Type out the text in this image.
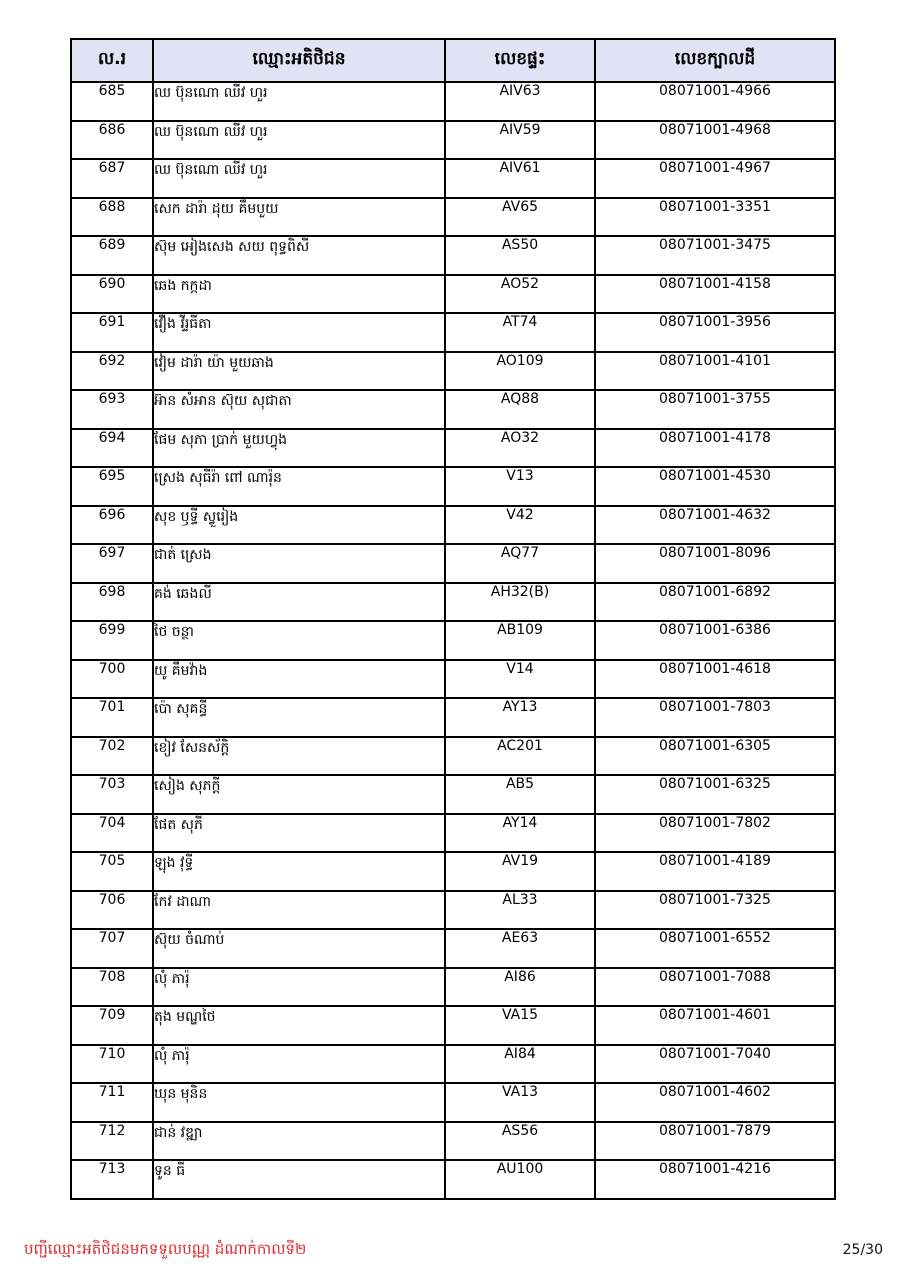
ល.រ	ឈ្មោះអតិថិជន	លេខផ្ទះ	លេខក្បាលដី
685	ឈ ប៊ុនណោ ឈីវ ហួរ	AIV63	08071001-4966
686	ឈ ប៊ុនណោ ឈីវ ហួរ	AIV59	08071001-4968
687	ឈ ប៊ុនណោ ឈីវ ហួរ	AIV61	08071001-4967
688	សេក ដារ៉ា ដុយ គឹមបួយ	AV65	08071001-3351
689	ស៊ុម អៀងសេង សយ ពុទ្ធពិសី	AS50	08071001-3475
690	ឆេង កក្កដា	AO52	08071001-4158
691	វឿង វីរ្ទធីតា	AT74	08071001-3956
692	វៀម ដារ៉ា យ៉ា មួយឆាង	AO109	08071001-4101
693	អ៊ាន សំអាន ស៊ុយ សុជាតា	AQ88	08071001-3755
694	ផែម សុភា ប្រាក់ មួយហ្វុង	AO32	08071001-4178
695	ស្រេង សុធីរ៉ា ពៅ ណារ៉ុន	V13	08071001-4530
696	សុខ ឫទ្ធី ស្វួរៀង	V42	08071001-4632
697	ជាត់ ស្រេង	AQ77	08071001-8096
698	គង់ ឆេងលី	AH32(B)	08071001-6892
699	ថៃ ចន្ថា	AB109	08071001-6386
700	យូ គឹមវ៉ាង	V14	08071001-4618
701	ប៉ោ សុគន្ធី	AY13	08071001-7803
702	ខៀវ សែនស័ក្តិ	AC201	08071001-6305
703	សៀង សុភក្តី	AB5	08071001-6325
704	ផែត សុភី	AY14	08071001-7802
705	ឡុង វុទ្ធី	AV19	08071001-4189
706	កែវ ដាណា	AL33	08071001-7325
707	ស៊ុយ ចំណាប់	AE63	08071001-6552
708	លុំ ភារ៉ុ	AI86	08071001-7088
709	តុង មណ្ឌថៃ	VA15	08071001-4601
710	លុំ ភារ៉ុ	AI84	08071001-7040
711	ឃុន មុនិន	VA13	08071001-4602
712	ជាន់ វឌ្ឍា	AS56	08071001-7879
713	ទូន ធី	AU100	08071001-4216
បញ្ជីឈ្មោះអតិថិជនមកទទួលបណ្ណ ដំណាក់កាលទី២	25/30
